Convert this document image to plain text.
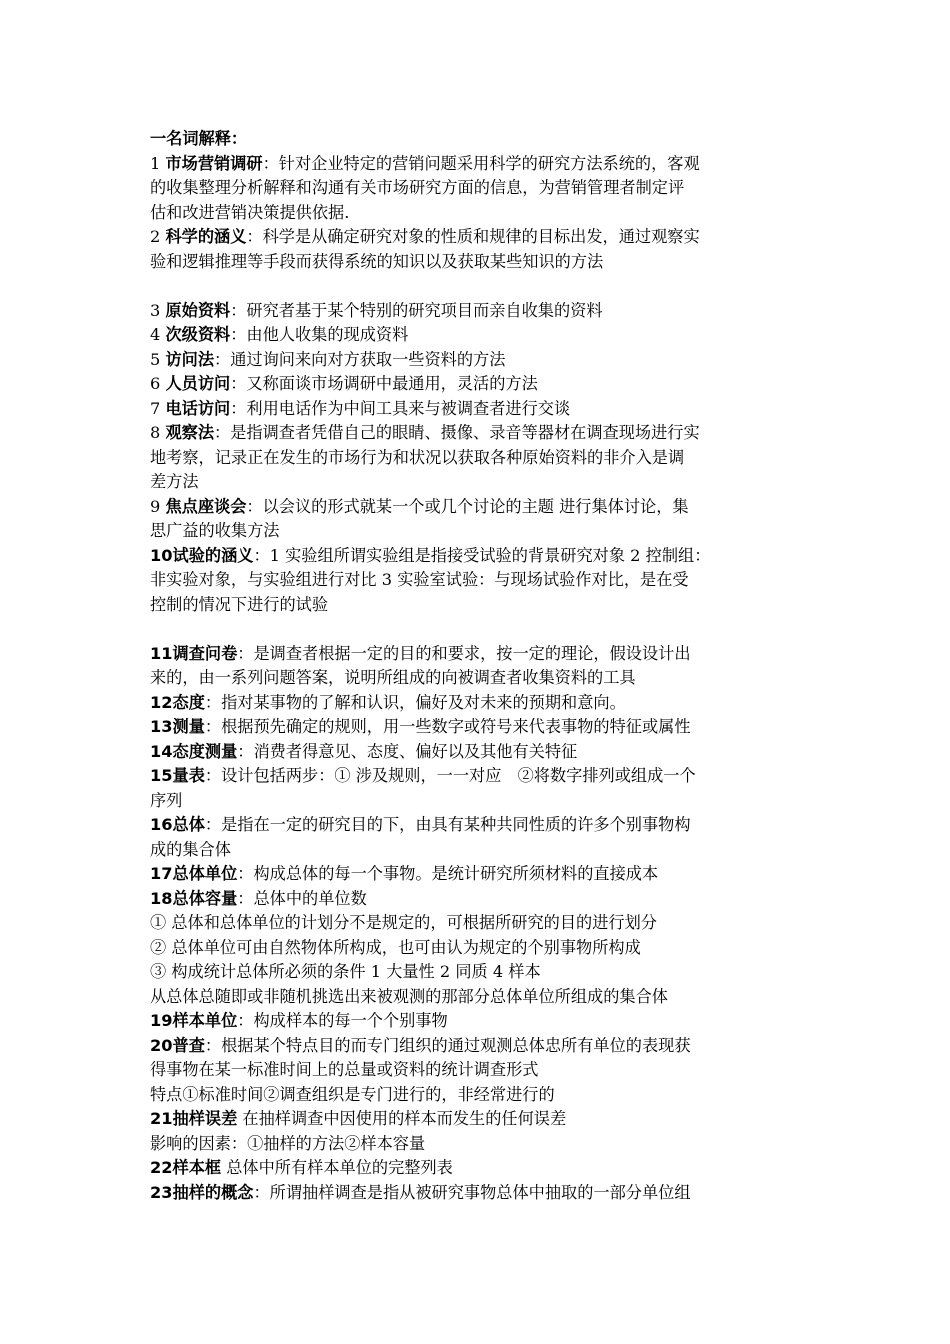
一名词解释：
1 市场营销调研：针对企业特定的营销问题采用科学的研究方法系统的，客观
的收集整理分析解释和沟通有关市场研究方面的信息，为营销管理者制定评
估和改进营销决策提供依据.
2 科学的涵义：科学是从确定研究对象的性质和规律的目标出发，通过观察实
验和逻辑推理等手段而获得系统的知识以及获取某些知识的方法
3 原始资料：研究者基于某个特别的研究项目而亲自收集的资料
4 次级资料：由他人收集的现成资料
5 访问法：通过询问来向对方获取一些资料的方法
6 人员访问：又称面谈市场调研中最通用，灵活的方法
7 电话访问：利用电话作为中间工具来与被调查者进行交谈
8 观察法：是指调查者凭借自己的眼睛、摄像、录音等器材在调查现场进行实
地考察，记录正在发生的市场行为和状况以获取各种原始资料的非介入是调
差方法
9 焦点座谈会：以会议的形式就某一个或几个讨论的主题 进行集体讨论，集
思广益的收集方法
10试验的涵义：1 实验组所谓实验组是指接受试验的背景研究对象 2 控制组：
非实验对象，与实验组进行对比 3 实验室试验：与现场试验作对比，是在受
控制的情况下进行的试验
11调查问卷：是调查者根据一定的目的和要求，按一定的理论，假设设计出
来的，由一系列问题答案，说明所组成的向被调查者收集资料的工具
12态度：指对某事物的了解和认识，偏好及对未来的预期和意向。
13测量：根据预先确定的规则，用一些数字或符号来代表事物的特征或属性
14态度测量：消费者得意见、态度、偏好以及其他有关特征
15量表：设计包括两步：① 涉及规则，一一对应　②将数字排列或组成一个
序列
16总体：是指在一定的研究目的下，由具有某种共同性质的许多个别事物构
成的集合体
17总体单位：构成总体的每一个事物。是统计研究所须材料的直接成本
18总体容量：总体中的单位数
① 总体和总体单位的计划分不是规定的，可根据所研究的目的进行划分
② 总体单位可由自然物体所构成，也可由认为规定的个别事物所构成
③ 构成统计总体所必须的条件 1 大量性 2 同质 4 样本
从总体总随即或非随机挑选出来被观测的那部分总体单位所组成的集合体
19样本单位：构成样本的每一个个别事物
20普查：根据某个特点目的而专门组织的通过观测总体忠所有单位的表现获
得事物在某一标准时间上的总量或资料的统计调查形式
特点①标准时间②调查组织是专门进行的，非经常进行的
21抽样误差 在抽样调查中因使用的样本而发生的任何误差
影响的因素：①抽样的方法②样本容量
22样本框 总体中所有样本单位的完整列表
23抽样的概念：所谓抽样调查是指从被研究事物总体中抽取的一部分单位组
